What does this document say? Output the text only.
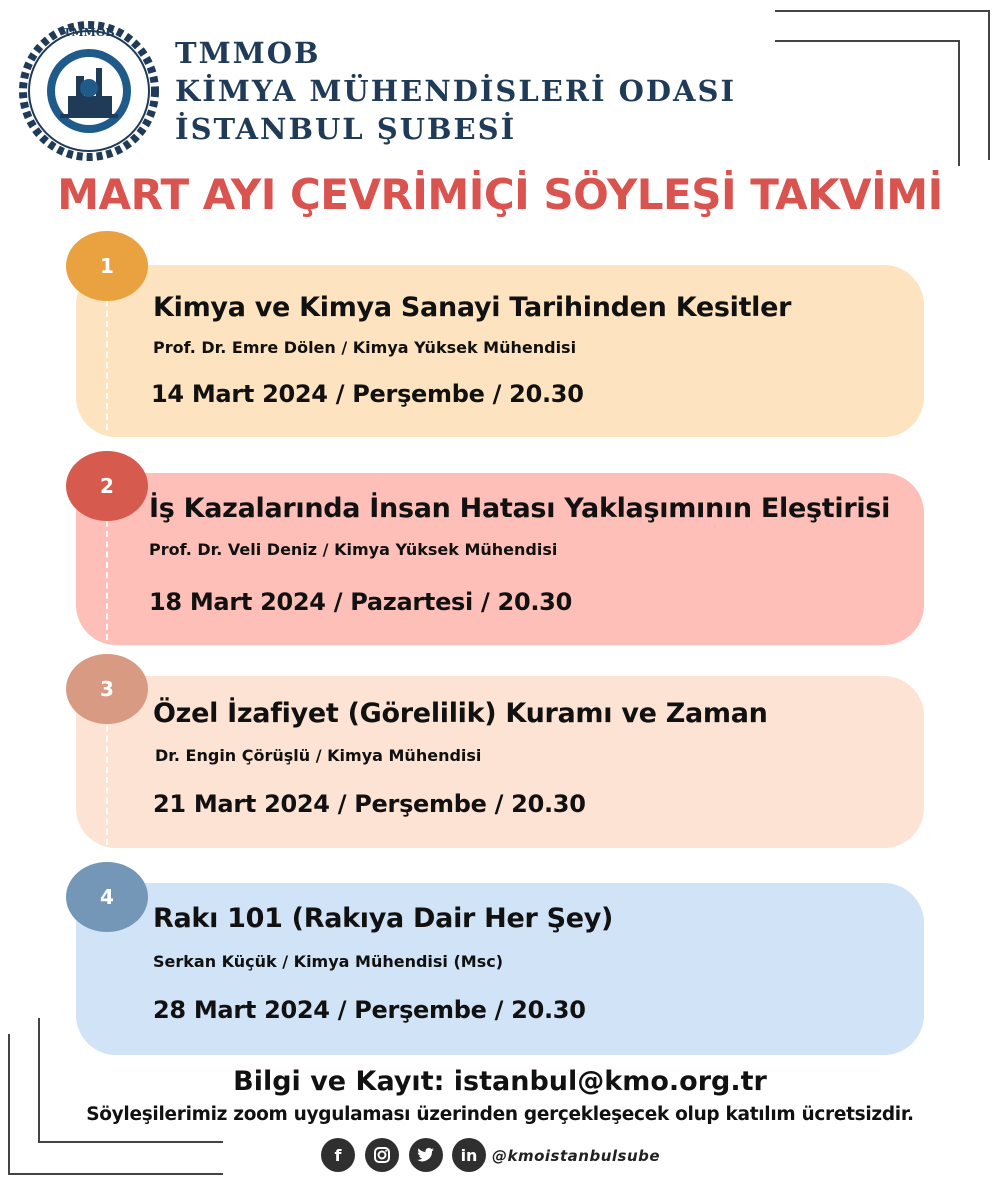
TMMOB
TMMOB
KİMYA MÜHENDİSLERİ ODASI
İSTANBUL ŞUBESİ
MART AYI ÇEVRİMİÇİ SÖYLEŞİ TAKVİMİ
1
Kimya ve Kimya Sanayi Tarihinden Kesitler
Prof. Dr. Emre Dölen / Kimya Yüksek Mühendisi
14 Mart 2024 / Perşembe / 20.30
2
İş Kazalarında İnsan Hatası Yaklaşımının Eleştirisi
Prof. Dr. Veli Deniz / Kimya Yüksek Mühendisi
18 Mart 2024 / Pazartesi / 20.30
3
Özel İzafiyet (Görelilik) Kuramı ve Zaman
Dr. Engin Çörüşlü / Kimya Mühendisi
21 Mart 2024 / Perşembe / 20.30
4
Rakı 101 (Rakıya Dair Her Şey)
Serkan Küçük / Kimya Mühendisi (Msc)
28 Mart 2024 / Perşembe / 20.30
Bilgi ve Kayıt: istanbul@kmo.org.tr
Söyleşilerimiz zoom uygulaması üzerinden gerçekleşecek olup katılım ücretsizdir.
f	in @kmoistanbulsube
